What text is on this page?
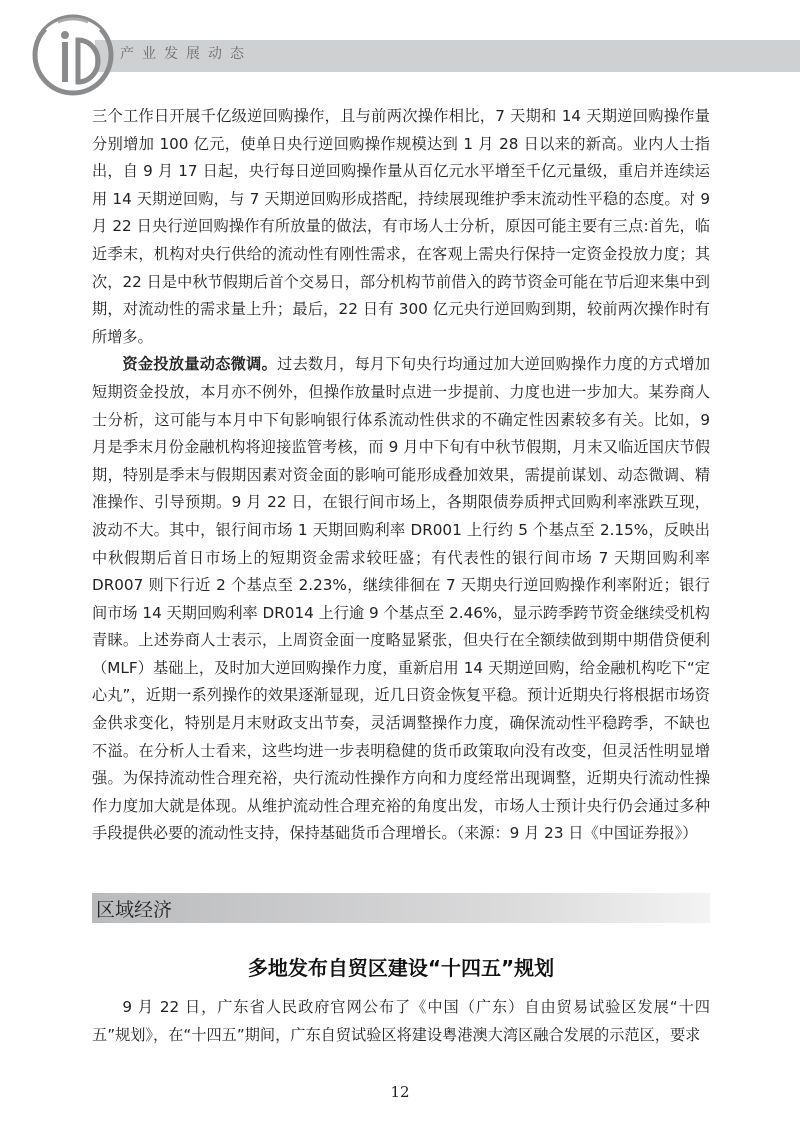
产业发展动态

三个工作日开展千亿级逆回购操作，且与前两次操作相比，7 天期和 14 天期逆回购操作量分别增加 100 亿元，使单日央行逆回购操作规模达到 1 月 28 日以来的新高。业内人士指出，自 9 月 17 日起，央行每日逆回购操作量从百亿元水平增至千亿元量级，重启并连续运用 14 天期逆回购，与 7 天期逆回购形成搭配，持续展现维护季末流动性平稳的态度。对 9 月 22 日央行逆回购操作有所放量的做法，有市场人士分析，原因可能主要有三点:首先，临近季末，机构对央行供给的流动性有刚性需求，在客观上需央行保持一定资金投放力度；其次，22 日是中秋节假期后首个交易日，部分机构节前借入的跨节资金可能在节后迎来集中到期，对流动性的需求量上升；最后，22 日有 300 亿元央行逆回购到期，较前两次操作时有所增多。

资金投放量动态微调。过去数月，每月下旬央行均通过加大逆回购操作力度的方式增加短期资金投放，本月亦不例外，但操作放量时点进一步提前、力度也进一步加大。某券商人士分析，这可能与本月中下旬影响银行体系流动性供求的不确定性因素较多有关。比如，9 月是季末月份金融机构将迎接监管考核，而 9 月中下旬有中秋节假期，月末又临近国庆节假期，特别是季末与假期因素对资金面的影响可能形成叠加效果，需提前谋划、动态微调、精准操作、引导预期。9 月 22 日，在银行间市场上，各期限债券质押式回购利率涨跌互现，波动不大。其中，银行间市场 1 天期回购利率 DR001 上行约 5 个基点至 2.15%，反映出中秋假期后首日市场上的短期资金需求较旺盛；有代表性的银行间市场 7 天期回购利率 DR007 则下行近 2 个基点至 2.23%，继续徘徊在 7 天期央行逆回购操作利率附近；银行间市场 14 天期回购利率 DR014 上行逾 9 个基点至 2.46%，显示跨季跨节资金继续受机构青睐。上述券商人士表示，上周资金面一度略显紧张，但央行在全额续做到期中期借贷便利（MLF）基础上，及时加大逆回购操作力度，重新启用 14 天期逆回购，给金融机构吃下“定心丸”，近期一系列操作的效果逐渐显现，近几日资金恢复平稳。预计近期央行将根据市场资金供求变化，特别是月末财政支出节奏，灵活调整操作力度，确保流动性平稳跨季，不缺也不溢。在分析人士看来，这些均进一步表明稳健的货币政策取向没有改变，但灵活性明显增强。为保持流动性合理充裕，央行流动性操作方向和力度经常出现调整，近期央行流动性操作力度加大就是体现。从维护流动性合理充裕的角度出发，市场人士预计央行仍会通过多种手段提供必要的流动性支持，保持基础货币合理增长。（来源：9 月 23 日《中国证券报》）

区域经济
多地发布自贸区建设“十四五”规划

9 月 22 日，广东省人民政府官网公布了《中国（广东）自由贸易试验区发展“十四五”规划》，在“十四五”期间，广东自贸试验区将建设粤港澳大湾区融合发展的示范区，要求

12
